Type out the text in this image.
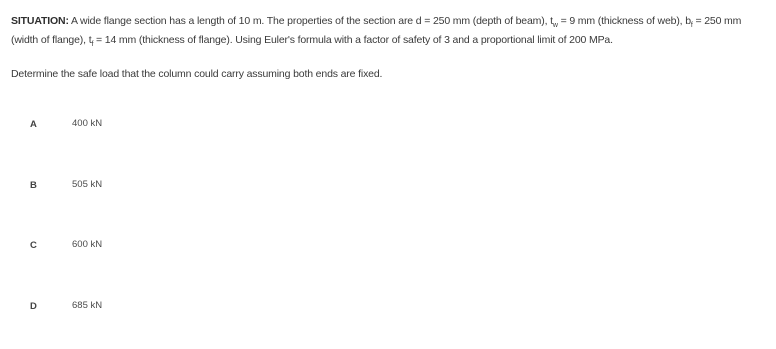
SITUATION: A wide flange section has a length of 10 m. The properties of the section are d = 250 mm (depth of beam), $t_w = 9$ mm (thickness of web), $b_f = 250$ mm (width of flange), $t_f = 14$ mm (thickness of flange). Using Euler's formula with a factor of safety of 3 and a proportional limit of 200 MPa.
Determine the safe load that the column could carry assuming both ends are fixed.
A	400 kN
B	505 kN
C	600 kN
D	685 kN
